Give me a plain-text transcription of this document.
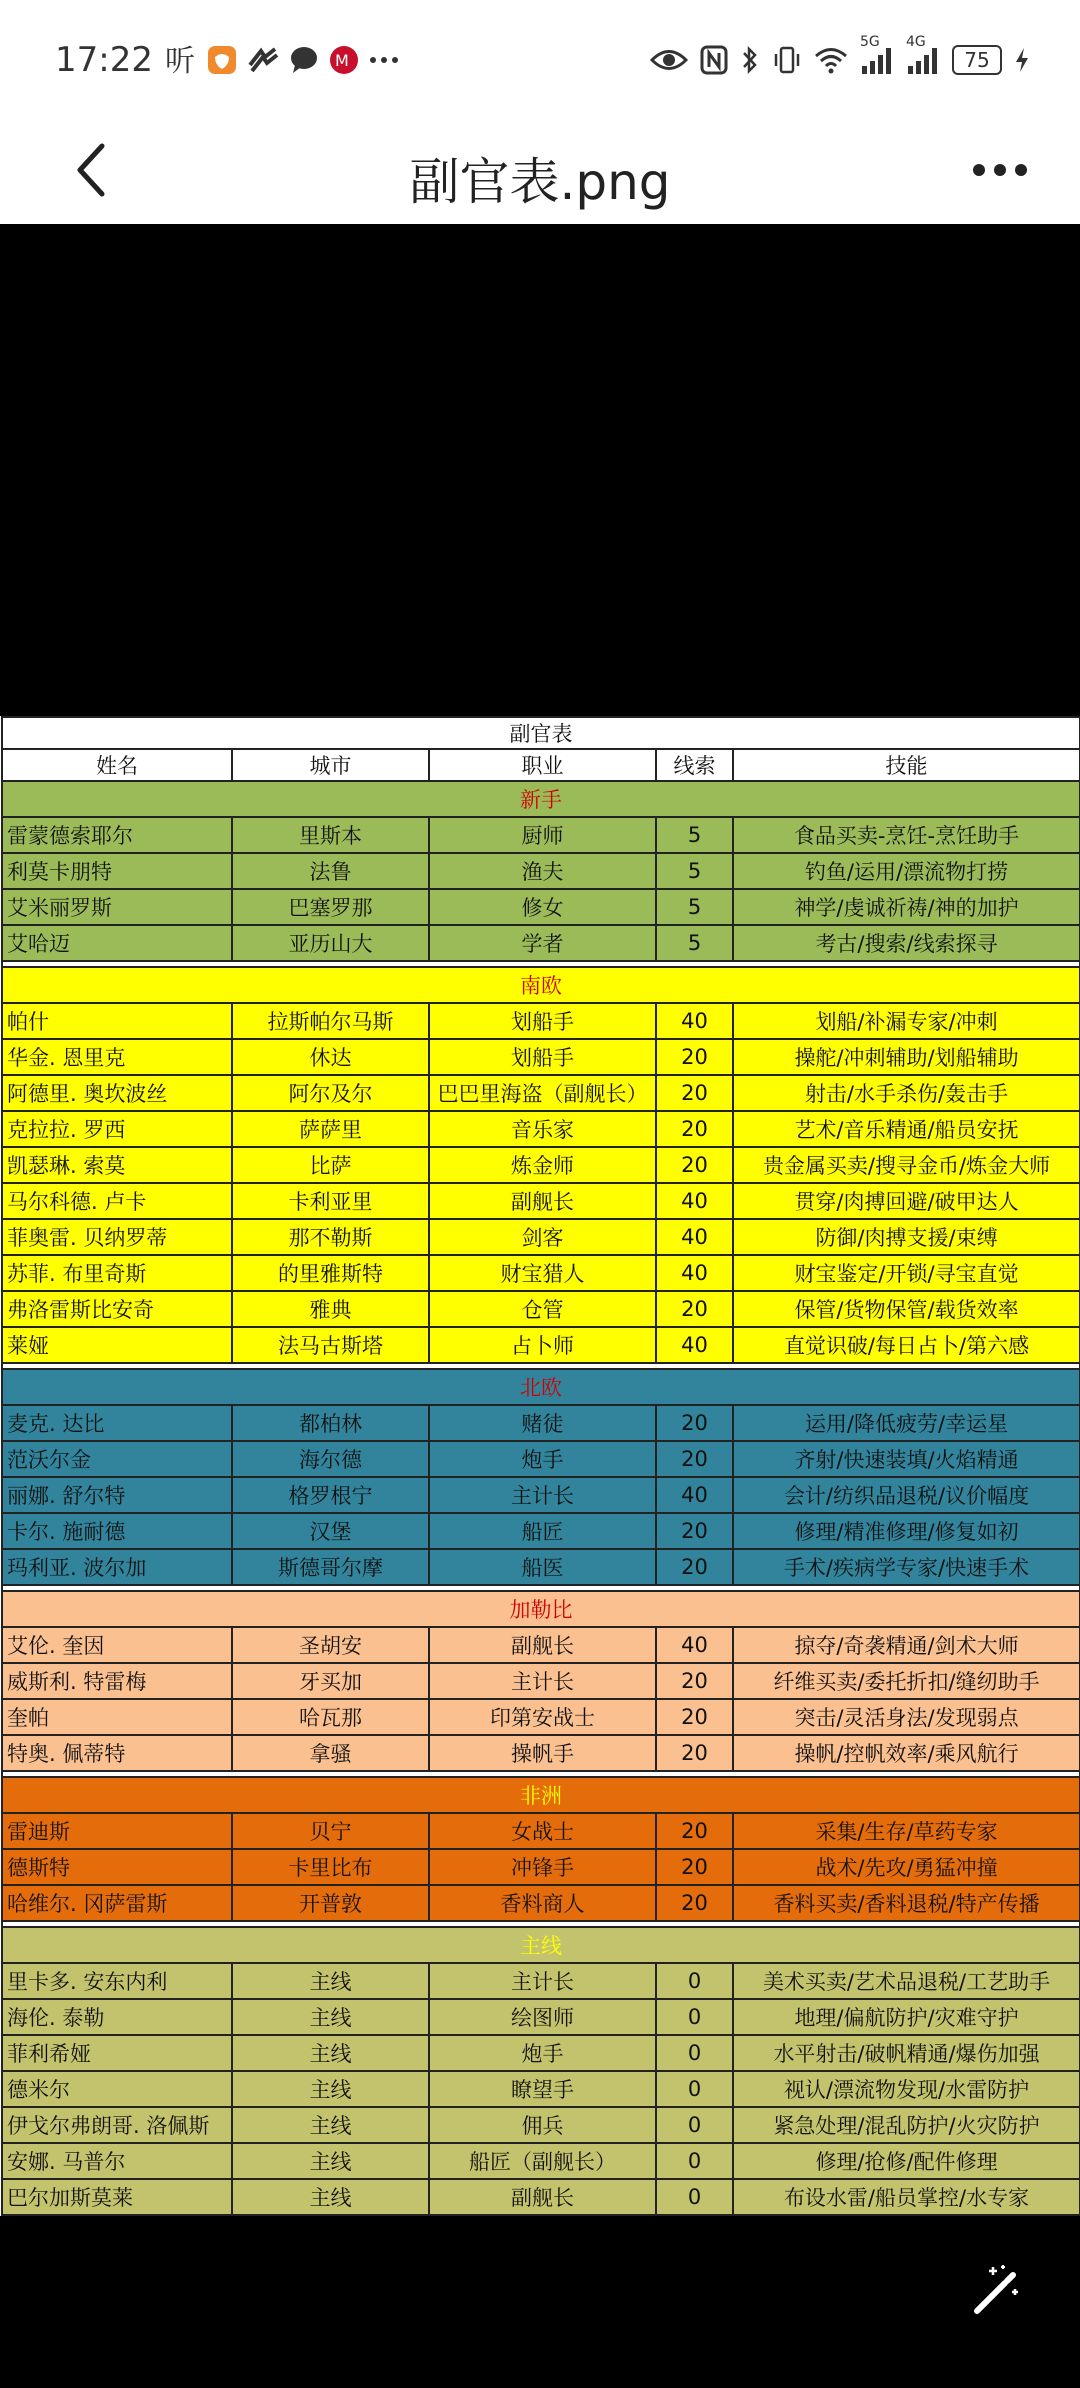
17:22 听	M
5G 4G
75
副官表.png
副官表				
姓名	城市	职业	线索	技能
新手				
雷蒙德索耶尔	里斯本	厨师	5	食品买卖-烹饪-烹饪助手
利莫卡朋特	法鲁	渔夫	5	钓鱼/运用/漂流物打捞
艾米丽罗斯	巴塞罗那	修女	5	神学/虔诚祈祷/神的加护
艾哈迈	亚历山大	学者	5	考古/搜索/线索探寻

南欧				
帕什	拉斯帕尔马斯	划船手	40	划船/补漏专家/冲刺
华金. 恩里克	休达	划船手	20	操舵/冲刺辅助/划船辅助
阿德里. 奥坎波丝	阿尔及尔	巴巴里海盗（副舰长）	20	射击/水手杀伤/轰击手
克拉拉. 罗西	萨萨里	音乐家	20	艺术/音乐精通/船员安抚
凯瑟琳. 索莫	比萨	炼金师	20	贵金属买卖/搜寻金币/炼金大师
马尔科德. 卢卡	卡利亚里	副舰长	40	贯穿/肉搏回避/破甲达人
菲奥雷. 贝纳罗蒂	那不勒斯	剑客	40	防御/肉搏支援/束缚
苏菲. 布里奇斯	的里雅斯特	财宝猎人	40	财宝鉴定/开锁/寻宝直觉
弗洛雷斯比安奇	雅典	仓管	20	保管/货物保管/载货效率
莱娅	法马古斯塔	占卜师	40	直觉识破/每日占卜/第六感

北欧				
麦克. 达比	都柏林	赌徒	20	运用/降低疲劳/幸运星
范沃尔金	海尔德	炮手	20	齐射/快速装填/火焰精通
丽娜. 舒尔特	格罗根宁	主计长	40	会计/纺织品退税/议价幅度
卡尔. 施耐德	汉堡	船匠	20	修理/精准修理/修复如初
玛利亚. 波尔加	斯德哥尔摩	船医	20	手术/疾病学专家/快速手术

加勒比				
艾伦. 奎因	圣胡安	副舰长	40	掠夺/奇袭精通/剑术大师
威斯利. 特雷梅	牙买加	主计长	20	纤维买卖/委托折扣/缝纫助手
奎帕	哈瓦那	印第安战士	20	突击/灵活身法/发现弱点
特奥. 佩蒂特	拿骚	操帆手	20	操帆/控帆效率/乘风航行

非洲				
雷迪斯	贝宁	女战士	20	采集/生存/草药专家
德斯特	卡里比布	冲锋手	20	战术/先攻/勇猛冲撞
哈维尔. 冈萨雷斯	开普敦	香料商人	20	香料买卖/香料退税/特产传播

主线				
里卡多. 安东内利	主线	主计长	0	美术买卖/艺术品退税/工艺助手
海伦. 泰勒	主线	绘图师	0	地理/偏航防护/灾难守护
菲利希娅	主线	炮手	0	水平射击/破帆精通/爆伤加强
德米尔	主线	瞭望手	0	视认/漂流物发现/水雷防护
伊戈尔弗朗哥. 洛佩斯	主线	佣兵	0	紧急处理/混乱防护/火灾防护
安娜. 马普尔	主线	船匠（副舰长）	0	修理/抢修/配件修理
巴尔加斯莫莱	主线	副舰长	0	布设水雷/船员掌控/水专家
